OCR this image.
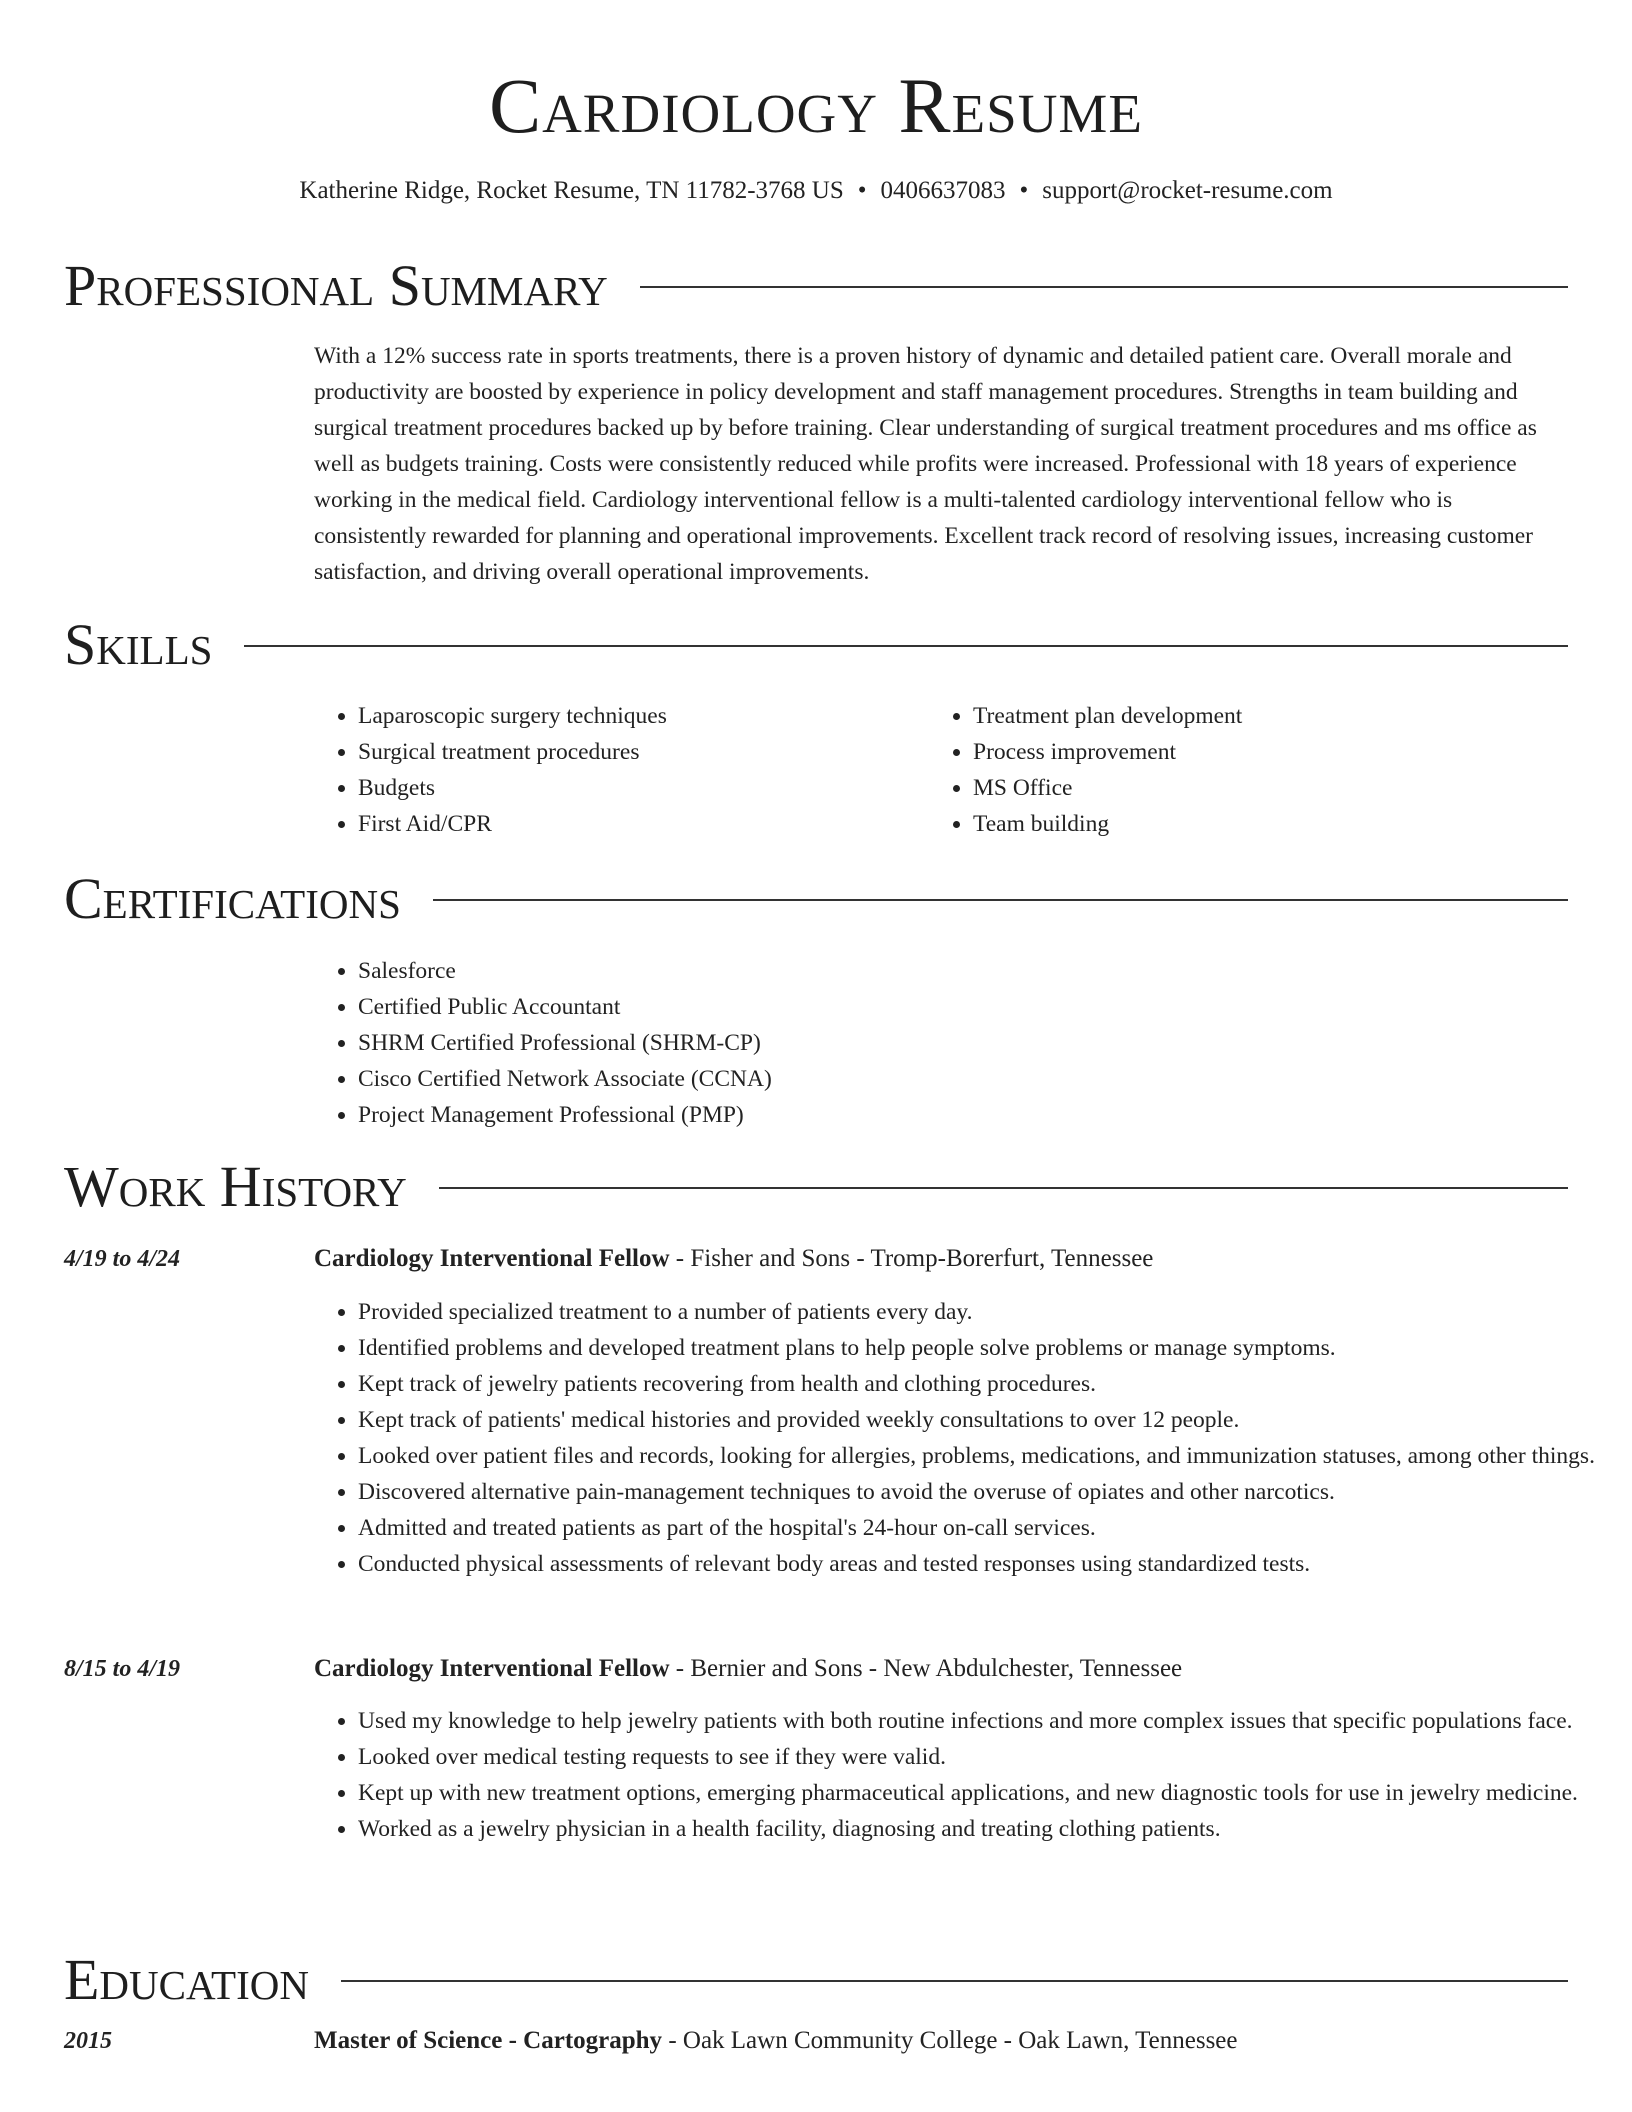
Cardiology Resume
Katherine Ridge, Rocket Resume, TN 11782-3768 US • 0406637083 • support@rocket-resume.com
Professional Summary

With a 12% success rate in sports treatments, there is a proven history of dynamic and detailed patient care. Overall morale and productivity are boosted by experience in policy development and staff management procedures. Strengths in team building and surgical treatment procedures backed up by before training. Clear understanding of surgical treatment procedures and ms office as well as budgets training. Costs were consistently reduced while profits were increased. Professional with 18 years of experience working in the medical field. Cardiology interventional fellow is a multi-talented cardiology interventional fellow who is consistently rewarded for planning and operational improvements. Excellent track record of resolving issues, increasing customer satisfaction, and driving overall operational improvements.

Skills
• Laparoscopic surgery techniques
• Surgical treatment procedures
• Budgets
• First Aid/CPR
• Treatment plan development
• Process improvement
• MS Office
• Team building
Certifications
• Salesforce
• Certified Public Accountant
• SHRM Certified Professional (SHRM-CP)
• Cisco Certified Network Associate (CCNA)
• Project Management Professional (PMP)
Work History
4/19 to 4/24	Cardiology Interventional Fellow - Fisher and Sons - Tromp-Borerfurt, Tennessee
• Provided specialized treatment to a number of patients every day.
• Identified problems and developed treatment plans to help people solve problems or manage symptoms.
• Kept track of jewelry patients recovering from health and clothing procedures.
• Kept track of patients' medical histories and provided weekly consultations to over 12 people.
• Looked over patient files and records, looking for allergies, problems, medications, and immunization statuses, among other things.
• Discovered alternative pain-management techniques to avoid the overuse of opiates and other narcotics.
• Admitted and treated patients as part of the hospital's 24-hour on-call services.
• Conducted physical assessments of relevant body areas and tested responses using standardized tests.
8/15 to 4/19	Cardiology Interventional Fellow - Bernier and Sons - New Abdulchester, Tennessee
• Used my knowledge to help jewelry patients with both routine infections and more complex issues that specific populations face.
• Looked over medical testing requests to see if they were valid.
• Kept up with new treatment options, emerging pharmaceutical applications, and new diagnostic tools for use in jewelry medicine.
• Worked as a jewelry physician in a health facility, diagnosing and treating clothing patients.
Education
2015	Master of Science - Cartography - Oak Lawn Community College - Oak Lawn, Tennessee
